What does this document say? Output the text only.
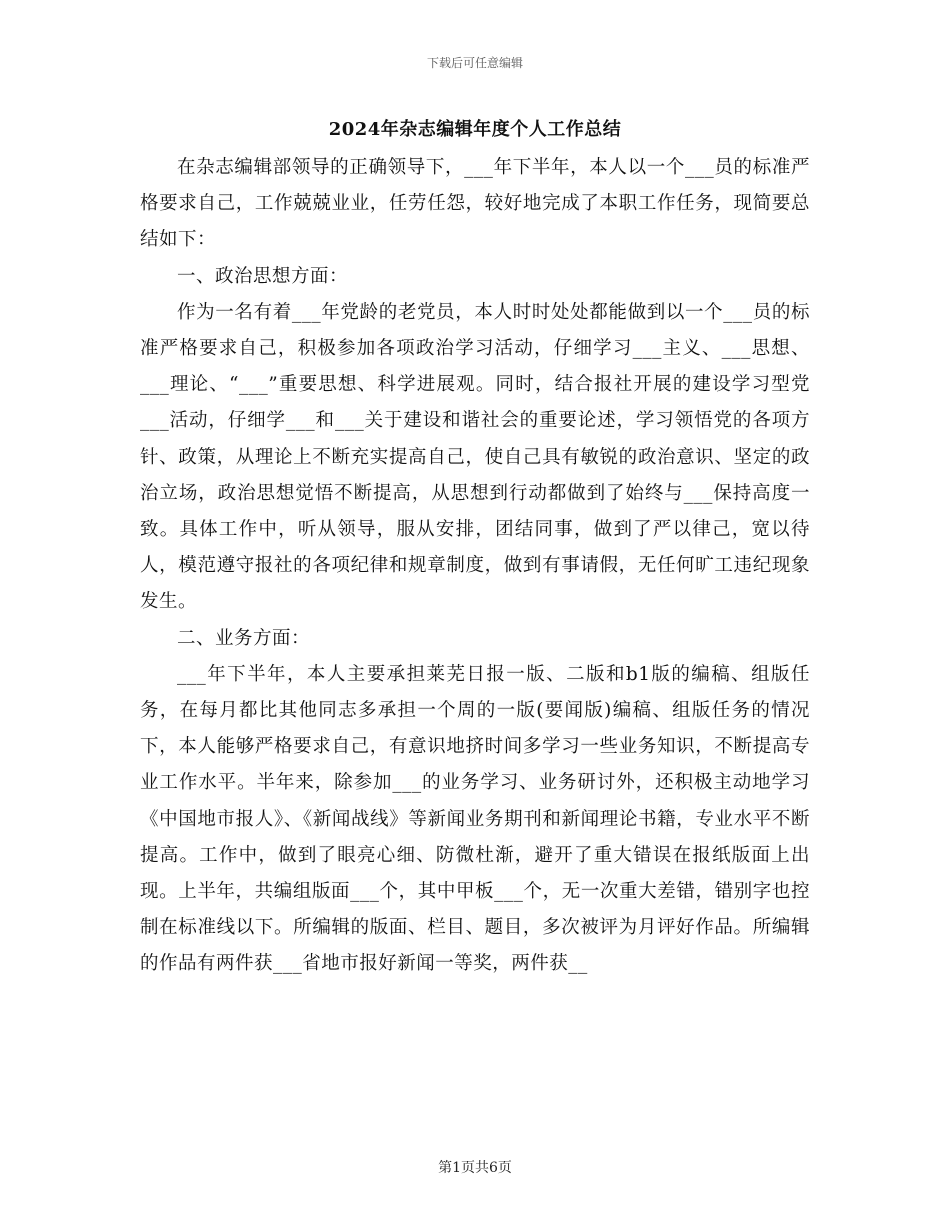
下载后可任意编辑
2024年杂志编辑年度个人工作总结

在杂志编辑部领导的正确领导下，___年下半年，本人以一个___员的标准严格要求自己，工作兢兢业业，任劳任怨，较好地完成了本职工作任务，现简要总结如下：

一、政治思想方面：

作为一名有着___年党龄的老党员，本人时时处处都能做到以一个___员的标准严格要求自己，积极参加各项政治学习活动，仔细学习___主义、___思想、___理论、“___”重要思想、科学进展观。同时，结合报社开展的建设学习型党___活动，仔细学___和___关于建设和谐社会的重要论述，学习领悟党的各项方针、政策，从理论上不断充实提高自己，使自己具有敏锐的政治意识、坚定的政治立场，政治思想觉悟不断提高，从思想到行动都做到了始终与___保持高度一致。具体工作中，听从领导，服从安排，团结同事，做到了严以律己，宽以待人，模范遵守报社的各项纪律和规章制度，做到有事请假，无任何旷工违纪现象发生。

二、业务方面：

___年下半年，本人主要承担莱芜日报一版、二版和b1版的编稿、组版任务，在每月都比其他同志多承担一个周的一版(要闻版)编稿、组版任务的情况下，本人能够严格要求自己，有意识地挤时间多学习一些业务知识，不断提高专业工作水平。半年来，除参加___的业务学习、业务研讨外，还积极主动地学习《中国地市报人》、《新闻战线》等新闻业务期刊和新闻理论书籍，专业水平不断提高。工作中，做到了眼亮心细、防微杜渐，避开了重大错误在报纸版面上出现。上半年，共编组版面___个，其中甲板___个，无一次重大差错，错别字也控制在标准线以下。所编辑的版面、栏目、题目，多次被评为月评好作品。所编辑的作品有两件获___省地市报好新闻一等奖，两件获__

第1页共6页
